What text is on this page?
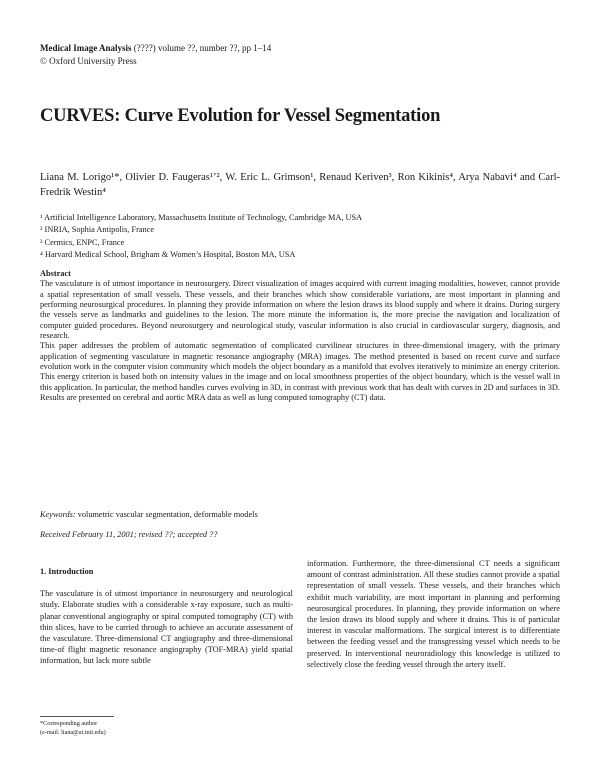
Medical Image Analysis (????) volume ??, number ??, pp 1–14
© Oxford University Press
CURVES: Curve Evolution for Vessel Segmentation
Liana M. Lorigo¹*, Olivier D. Faugeras¹ʼ², W. Eric L. Grimson¹, Renaud Keriven³, Ron Kikinis⁴, Arya Nabavi⁴ and Carl-Fredrik Westin⁴
¹ Artificial Intelligence Laboratory, Massachusetts Institute of Technology, Cambridge MA, USA
² INRIA, Sophia Antipolis, France
³ Cermics, ENPC, France
⁴ Harvard Medical School, Brigham & Women’s Hospital, Boston MA, USA
Abstract

The vasculature is of utmost importance in neurosurgery. Direct visualization of images acquired with current imaging modalities, however, cannot provide a spatial representation of small vessels. These vessels, and their branches which show considerable variations, are most important in planning and performing neurosurgical procedures. In planning they provide information on where the lesion draws its blood supply and where it drains. During surgery the vessels serve as landmarks and guidelines to the lesion. The more minute the information is, the more precise the navigation and localization of computer guided procedures. Beyond neurosurgery and neurological study, vascular information is also crucial in cardiovascular surgery, diagnosis, and research.

This paper addresses the problem of automatic segmentation of complicated curvilinear structures in three-dimensional imagery, with the primary application of segmenting vasculature in magnetic resonance angiography (MRA) images. The method presented is based on recent curve and surface evolution work in the computer vision community which models the object boundary as a manifold that evolves iteratively to minimize an energy criterion. This energy criterion is based both on intensity values in the image and on local smoothness properties of the object boundary, which is the vessel wall in this application. In particular, the method handles curves evolving in 3D, in contrast with previous work that has dealt with curves in 2D and surfaces in 3D. Results are presented on cerebral and aortic MRA data as well as lung computed tomography (CT) data.

Keywords: volumetric vascular segmentation, deformable models
Received February 11, 2001; revised ??; accepted ??
1. Introduction

The vasculature is of utmost importance in neurosurgery and neurological study. Elaborate studies with a considerable x-ray exposure, such as multi-planar conventional angiography or spiral computed tomography (CT) with thin slices, have to be carried through to achieve an accurate assessment of the vasculature. Three-dimensional CT angiography and three-dimensional time-of flight magnetic resonance angiography (TOF-MRA) yield spatial information, but lack more subtle

information. Furthermore, the three-dimensional CT needs a significant amount of contrast administration. All these studies cannot provide a spatial representation of small vessels. These vessels, and their branches which exhibit much variability, are most important in planning and performing neurosurgical procedures. In planning, they provide information on where the lesion draws its blood supply and where it drains. This is of particular interest in vascular malformations. The surgical interest is to differentiate between the feeding vessel and the transgressing vessel which needs to be preserved. In interventional neuroradiology this knowledge is utilized to selectively close the feeding vessel through the artery itself.

*Corresponding author
(e-mail: liana@ai.mit.edu)
